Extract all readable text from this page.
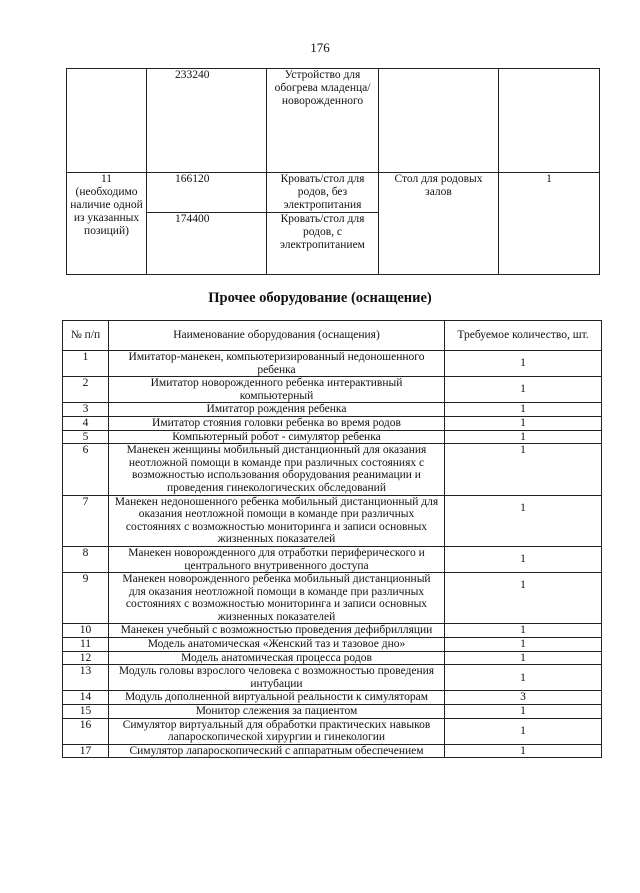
176
	233240	Устройство для обогрева младенца/ новорожденного		
11 (необходимо наличие одной из указанных позиций)	166120	Кровать/стол для родов, без электропитания	Стол для родовых залов	1
	174400	Кровать/стол для родов, с электропитанием		
Прочее оборудование (оснащение)
№ п/п	Наименование оборудования (оснащения)	Требуемое количество, шт.
1	Имитатор-манекен, компьютеризированный недоношенного ребенка	1
2	Имитатор новорожденного ребенка интерактивный компьютерный	1
3	Имитатор рождения ребенка	1
4	Имитатор стояния головки ребенка во время родов	1
5	Компьютерный робот - симулятор ребенка	1
6	Манекен женщины мобильный дистанционный для оказания неотложной помощи в команде при различных состояниях с возможностью использования оборудования реанимации и проведения гинекологических обследований	1
7	Манекен недоношенного ребенка мобильный дистанционный для оказания неотложной помощи в команде при различных состояниях с возможностью мониторинга и записи основных жизненных показателей	1
8	Манекен новорожденного для отработки периферического и центрального внутривенного доступа	1
9	Манекен новорожденного ребенка мобильный дистанционный для оказания неотложной помощи в команде при различных состояниях с возможностью мониторинга и записи основных жизненных показателей	1
10	Манекен учебный с возможностью проведения дефибрилляции	1
11	Модель анатомическая «Женский таз и тазовое дно»	1
12	Модель анатомическая процесса родов	1
13	Модуль головы взрослого человека с возможностью проведения интубации	1
14	Модуль дополненной виртуальной реальности к симуляторам	3
15	Монитор слежения за пациентом	1
16	Симулятор виртуальный для обработки практических навыков лапароскопической хирургии и гинекологии	1
17	Симулятор лапароскопический с аппаратным обеспечением	1
